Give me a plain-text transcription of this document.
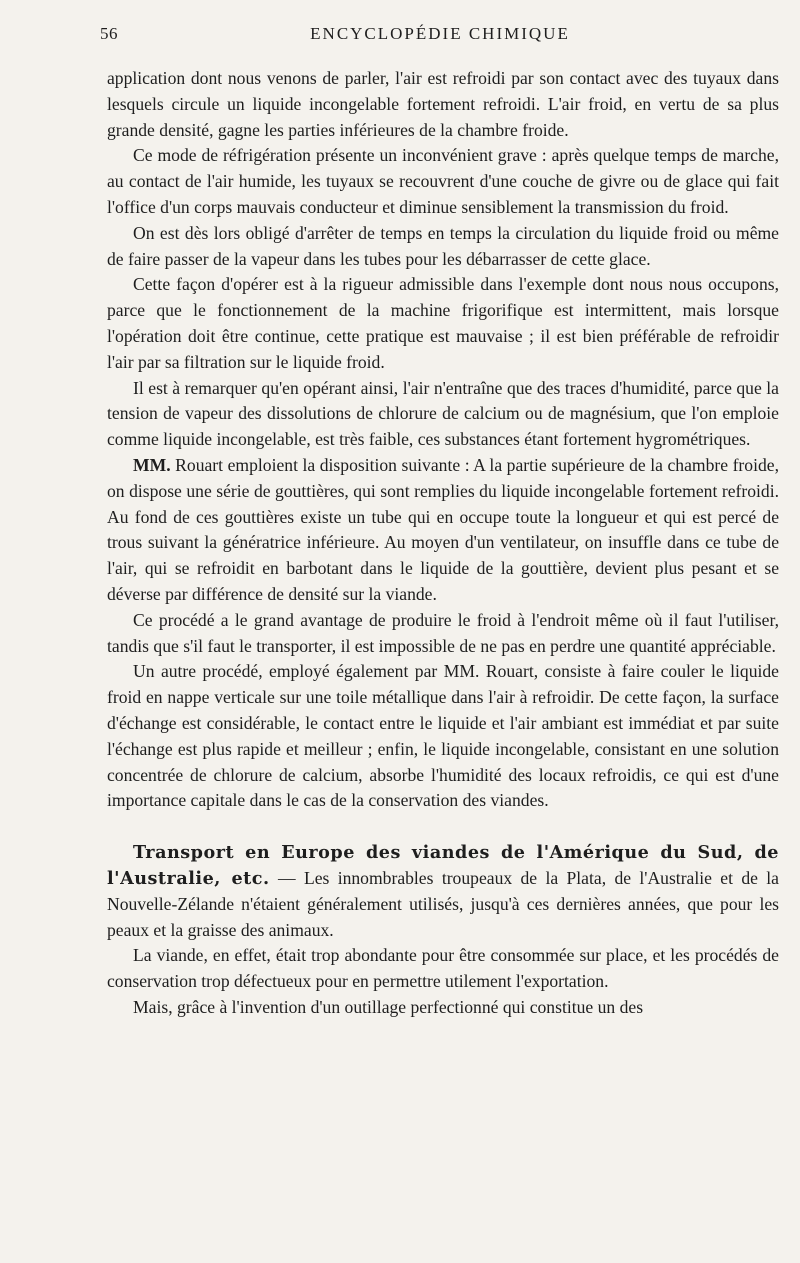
56	ENCYCLOPÉDIE CHIMIQUE

application dont nous venons de parler, l'air est refroidi par son contact avec des tuyaux dans lesquels circule un liquide incongelable fortement refroidi. L'air froid, en vertu de sa plus grande densité, gagne les parties inférieures de la chambre froide.

Ce mode de réfrigération présente un inconvénient grave : après quelque temps de marche, au contact de l'air humide, les tuyaux se recouvrent d'une couche de givre ou de glace qui fait l'office d'un corps mauvais conducteur et diminue sensiblement la transmission du froid.

On est dès lors obligé d'arrêter de temps en temps la circulation du liquide froid ou même de faire passer de la vapeur dans les tubes pour les débarrasser de cette glace.

Cette façon d'opérer est à la rigueur admissible dans l'exemple dont nous nous occupons, parce que le fonctionnement de la machine frigorifique est intermittent, mais lorsque l'opération doit être continue, cette pratique est mauvaise ; il est bien préférable de refroidir l'air par sa filtration sur le liquide froid.

Il est à remarquer qu'en opérant ainsi, l'air n'entraîne que des traces d'humidité, parce que la tension de vapeur des dissolutions de chlorure de calcium ou de magnésium, que l'on emploie comme liquide incongelable, est très faible, ces substances étant fortement hygrométriques.

MM. Rouart emploient la disposition suivante : A la partie supérieure de la chambre froide, on dispose une série de gouttières, qui sont remplies du liquide incongelable fortement refroidi. Au fond de ces gouttières existe un tube qui en occupe toute la longueur et qui est percé de trous suivant la génératrice inférieure. Au moyen d'un ventilateur, on insuffle dans ce tube de l'air, qui se refroidit en barbotant dans le liquide de la gouttière, devient plus pesant et se déverse par différence de densité sur la viande.

Ce procédé a le grand avantage de produire le froid à l'endroit même où il faut l'utiliser, tandis que s'il faut le transporter, il est impossible de ne pas en perdre une quantité appréciable.

Un autre procédé, employé également par MM. Rouart, consiste à faire couler le liquide froid en nappe verticale sur une toile métallique dans l'air à refroidir. De cette façon, la surface d'échange est considérable, le contact entre le liquide et l'air ambiant est immédiat et par suite l'échange est plus rapide et meilleur ; enfin, le liquide incongelable, consistant en une solution concentrée de chlorure de calcium, absorbe l'humidité des locaux refroidis, ce qui est d'une importance capitale dans le cas de la conservation des viandes.

Transport en Europe des viandes de l'Amérique du Sud, de l'Australie, etc. — Les innombrables troupeaux de la Plata, de l'Australie et de la Nouvelle-Zélande n'étaient généralement utilisés, jusqu'à ces dernières années, que pour les peaux et la graisse des animaux.

La viande, en effet, était trop abondante pour être consommée sur place, et les procédés de conservation trop défectueux pour en permettre utilement l'exportation.

Mais, grâce à l'invention d'un outillage perfectionné qui constitue un des
